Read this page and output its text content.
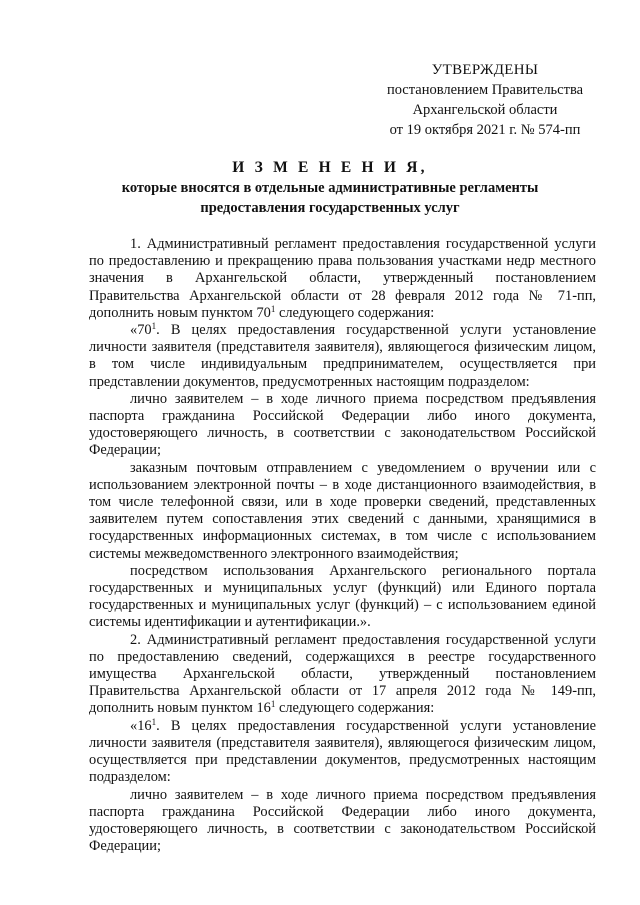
УТВЕРЖДЕНЫ
постановлением Правительства
Архангельской области
от 19 октября 2021 г. № 574-пп
И З М Е Н Е Н И Я,
которые вносятся в отдельные административные регламенты
предоставления государственных услуг

1. Административный регламент предоставления государственной услуги по предоставлению и прекращению права пользования участками недр местного значения в Архангельской области, утвержденный постановлением Правительства Архангельской области от 28 февраля 2012 года № 71-пп, дополнить новым пунктом $70^1$ следующего содержания:

«$70^1$. В целях предоставления государственной услуги установление личности заявителя (представителя заявителя), являющегося физическим лицом, в том числе индивидуальным предпринимателем, осуществляется при представлении документов, предусмотренных настоящим подразделом:

лично заявителем – в ходе личного приема посредством предъявления паспорта гражданина Российской Федерации либо иного документа, удостоверяющего личность, в соответствии с законодательством Российской Федерации;

заказным почтовым отправлением с уведомлением о вручении или с использованием электронной почты – в ходе дистанционного взаимодействия, в том числе телефонной связи, или в ходе проверки сведений, представленных заявителем путем сопоставления этих сведений с данными, хранящимися в государственных информационных системах, в том числе с использованием системы межведомственного электронного взаимодействия;

посредством использования Архангельского регионального портала государственных и муниципальных услуг (функций) или Единого портала государственных и муниципальных услуг (функций) – с использованием единой системы идентификации и аутентификации.».

2. Административный регламент предоставления государственной услуги по предоставлению сведений, содержащихся в реестре государственного имущества Архангельской области, утвержденный постановлением Правительства Архангельской области от 17 апреля 2012 года № 149-пп, дополнить новым пунктом $16^1$ следующего содержания:

«$16^1$. В целях предоставления государственной услуги установление личности заявителя (представителя заявителя), являющегося физическим лицом, осуществляется при представлении документов, предусмотренных настоящим подразделом:

лично заявителем – в ходе личного приема посредством предъявления паспорта гражданина Российской Федерации либо иного документа, удостоверяющего личность, в соответствии с законодательством Российской Федерации;
